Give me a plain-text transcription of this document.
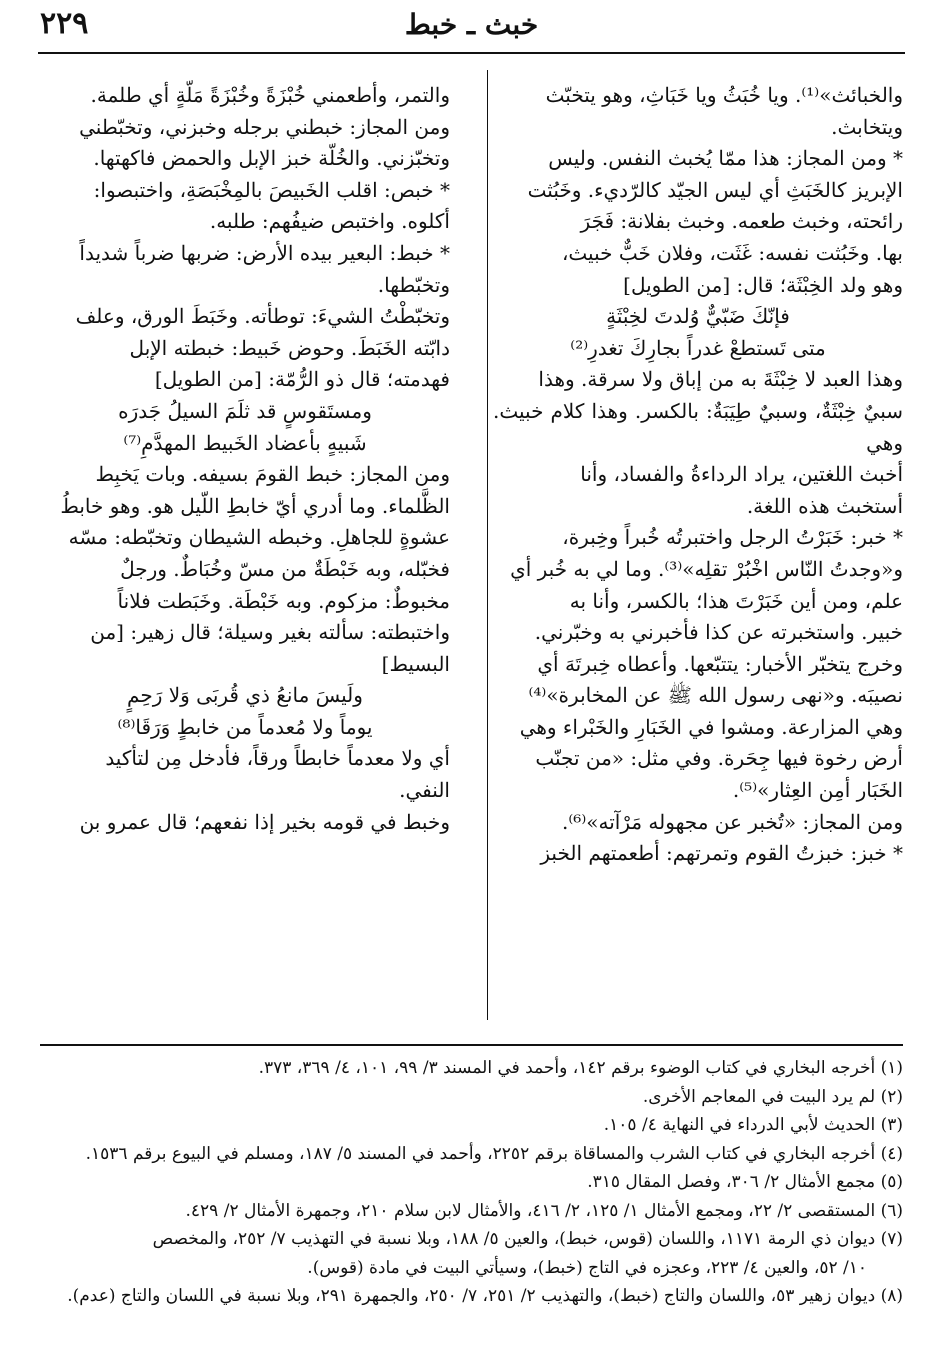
٢٢٩	خبث ـ خبط

والخبائث»⁽¹⁾. ويا خُبَثُ ويا خَبَاثِ، وهو يتخبّث

ويتخابث.

* ومن المجاز: هذا ممّا يُخبث النفس. وليس

الإبريز كالخَبَثِ أي ليس الجيّد كالرّديء. وخَبُثت

رائحته، وخبث طعمه. وخبث بفلانة: فَجَرَ

بها. وخَبُثت نفسه: غَثَت، وفلان خَبٌّ خبيث،

وهو ولد الخِبْثَة؛ قال: [من الطويل]

فإنّكَ ضَبّيٌّ وُلدتَ لخِبْثَةٍ

متى تَستطعْ غدراً بجارِكَ تغدرِ⁽²⁾

وهذا العبد لا خِبْثَةَ به من إباق ولا سرقة. وهذا

سبيٌ خِبْثَةٌ، وسبيٌ طِيَبَةٌ: بالكسر. وهذا كلام خبيث. وهي

أخبث اللغتين، يراد الرداءةُ والفساد، وأنا

أستخبث هذه اللغة.

* خبر: خَبَرْتُ الرجل واختبرتُه خُبراً وخِبرة،

و«وجدتُ النّاس اخْبُرْ تقلِه»⁽³⁾. وما لي به خُبر أي

علم، ومن أين خَبَرْتَ هذا؛ بالكسر، وأنا به

خبير. واستخبرته عن كذا فأخبرني به وخبّرني.

وخرج يتخبّر الأخبار: يتتبّعها. وأعطاه خِبرتَهَ أي

نصيبَه. و«نهى رسول الله ﷺ عن المخابرة»⁽⁴⁾

وهي المزارعة. ومشوا في الخَبَارِ والخَبْراء وهي

أرض رخوة فيها جِحَرة. وفي مثل: «من تجنّب

الخَبَار أمِن العِثار»⁽⁵⁾.

ومن المجاز: «تُخبر عن مجهوله مَرْآته»⁽⁶⁾.

* خبز: خبزتُ القوم وتمرتهم: أطعمتهم الخبز

والتمر، وأطعمني خُبْزَةً وخُبْزَةً مَلّةٍ أي طلمة.

ومن المجاز: خبطني برجله وخبزني، وتخبّطني

وتخبّزني. والخُلّة خبز الإبل والحمض فاكهتها.

* خبص: اقلب الخَبيصَ بالمِخْبَصَةِ، واختبصوا:

أكلوه. واختبص ضيفُهم: طلبه.

* خبط: البعير بيده الأرض: ضربها ضرباً شديداً

وتخبّطها.

وتخبّطْتُ الشيءَ: توطأته. وخَبَطَ الورق، وعلف

دابّته الخَبَطَ. وحوض خَبيط: خبطته الإبل

فهدمته؛ قال ذو الرُّمّة: [من الطويل]

ومستَقوسٍ قد ثلَمَ السيلُ جَدرَه

شَبيهٍ بأعضاد الخَبيط المهدَّمِ⁽⁷⁾

ومن المجاز: خبط القومَ بسيفه. وبات يَخبِط

الظَّلماء. وما أدري أيّ خابطِ اللّيل هو. وهو خابطُ

عشوةٍ للجاهلِ. وخبطه الشيطان وتخبّطه: مسّه

فخبّله، وبه خَبْطَةٌ من مسّ وخُبَاطٌ. ورجلٌ

مخبوطٌ: مزكوم. وبه خَبْطَة. وخَبَطت فلاناً

واختبطته: سألته بغير وسيلة؛ قال زهير: [من

البسيط]

ولَيسَ مانعُ ذي قُربَى وَلا رَحِمٍ

يوماً ولا مُعدماً من خابطٍ وَرَقَا⁽⁸⁾

أي ولا معدماً خابطاً ورقاً، فأدخل مِن لتأكيد

النفي.

وخبط في قومه بخير إذا نفعهم؛ قال عمرو بن

(١) أخرجه البخاري في كتاب الوضوء برقم ١٤٢، وأحمد في المسند ٣/ ٩٩، ١٠١، ٤/ ٣٦٩، ٣٧٣.
(٢) لم يرد البيت في المعاجم الأخرى.
(٣) الحديث لأبي الدرداء في النهاية ٤/ ١٠٥.
(٤) أخرجه البخاري في كتاب الشرب والمساقاة برقم ٢٢٥٢، وأحمد في المسند ٥/ ١٨٧، ومسلم في البيوع برقم ١٥٣٦.
(٥) مجمع الأمثال ٢/ ٣٠٦، وفصل المقال ٣١٥.
(٦) المستقصى ٢/ ٢٢، ومجمع الأمثال ١/ ١٢٥، ٢/ ٤١٦، والأمثال لابن سلام ٢١٠، وجمهرة الأمثال ٢/ ٤٢٩.
(٧) ديوان ذي الرمة ١١٧١، واللسان (قوس، خبط)، والعين ٥/ ١٨٨، وبلا نسبة في التهذيب ٧/ ٢٥٢، والمخصص
١٠/ ٥٢، والعين ٤/ ٢٢٣، وعجزه في التاج (خبط)، وسيأتي البيت في مادة (قوس).
(٨) ديوان زهير ٥٣، واللسان والتاج (خبط)، والتهذيب ٢/ ٢٥١، ٧/ ٢٥٠، والجمهرة ٢٩١، وبلا نسبة في اللسان والتاج (عدم).
